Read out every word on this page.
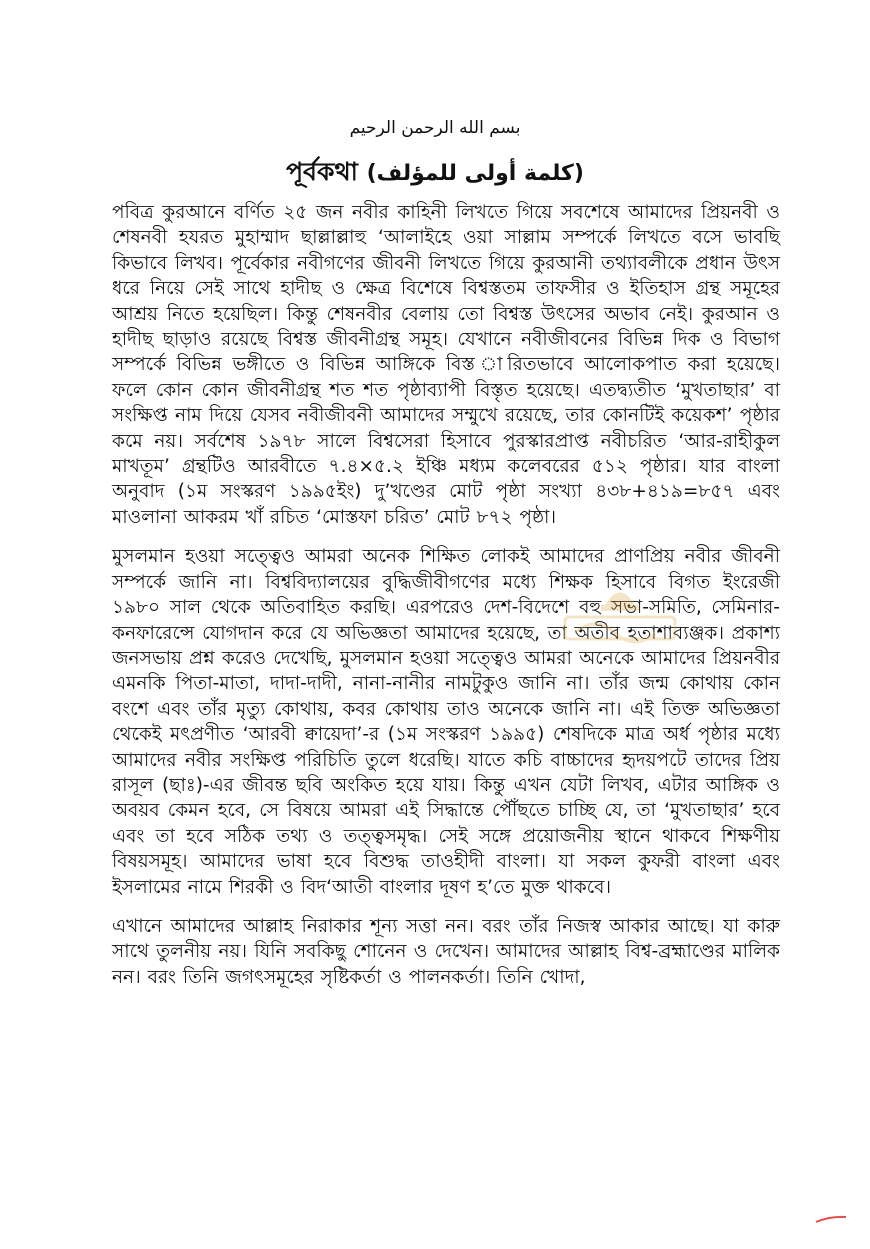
بسم الله الرحمن الرحيم
পূর্বকথা (كلمة أولى للمؤلف)

পবিত্র কুরআনে বর্ণিত ২৫ জন নবীর কাহিনী লিখতে গিয়ে সবশেষে আমাদের প্রিয়নবী ও শেষনবী হযরত মুহাম্মাদ ছাল্লাল্লাহু ‘আলাইহে ওয়া সাল্লাম সম্পর্কে লিখতে বসে ভাবছি কিভাবে লিখব। পূর্বেকার নবীগণের জীবনী লিখতে গিয়ে কুরআনী তথ্যাবলীকে প্রধান উৎস ধরে নিয়ে সেই সাথে হাদীছ ও ক্ষেত্র বিশেষে বিশ্বস্ততম তাফসীর ও ইতিহাস গ্রন্থ সমূহের আশ্রয় নিতে হয়েছিল। কিন্তু শেষনবীর বেলায় তো বিশ্বস্ত উৎসের অভাব নেই। কুরআন ও হাদীছ ছাড়াও রয়েছে বিশ্বস্ত জীবনীগ্রন্থ সমূহ। যেখানে নবীজীবনের বিভিন্ন দিক ও বিভাগ সম্পর্কে বিভিন্ন ভঙ্গীতে ও বিভিন্ন আঙ্গিকে বিস্ত ারিতভাবে আলোকপাত করা হয়েছে। ফলে কোন কোন জীবনীগ্রন্থ শত শত পৃষ্ঠাব্যাপী বিস্তৃত হয়েছে। এতদ্ব্যতীত ‘মুখতাছার’ বা সংক্ষিপ্ত নাম দিয়ে যেসব নবীজীবনী আমাদের সম্মুখে রয়েছে, তার কোনটিই কয়েকশ’ পৃষ্ঠার কমে নয়। সর্বশেষ ১৯৭৮ সালে বিশ্বসেরা হিসাবে পুরস্কারপ্রাপ্ত নবীচরিত ‘আর-রাহীকুল মাখতূম’ গ্রন্থটিও আরবীতে ৭.৪×৫.২ ইঞ্চি মধ্যম কলেবরের ৫১২ পৃষ্ঠার। যার বাংলা অনুবাদ (১ম সংস্করণ ১৯৯৫ইং) দু’খণ্ডের মোট পৃষ্ঠা সংখ্যা ৪৩৮+৪১৯=৮৫৭ এবং মাওলানা আকরম খাঁ রচিত ‘মোস্তফা চরিত’ মোট ৮৭২ পৃষ্ঠা।

মুসলমান হওয়া সত্ত্বেও আমরা অনেক শিক্ষিত লোকই আমাদের প্রাণপ্রিয় নবীর জীবনী সম্পর্কে জানি না। বিশ্ববিদ্যালয়ের বুদ্ধিজীবীগণের মধ্যে শিক্ষক হিসাবে বিগত ইংরেজী ১৯৮০ সাল থেকে অতিবাহিত করছি। এরপরেও দেশ-বিদেশে বহু সভা-সমিতি, সেমিনার-কনফারেন্সে যোগদান করে যে অভিজ্ঞতা আমাদের হয়েছে, তা অতীব হতাশাব্যঞ্জক। প্রকাশ্য জনসভায় প্রশ্ন করেও দেখেছি, মুসলমান হওয়া সত্ত্বেও আমরা অনেকে আমাদের প্রিয়নবীর এমনকি পিতা-মাতা, দাদা-দাদী, নানা-নানীর নামটুকুও জানি না। তাঁর জন্ম কোথায় কোন বংশে এবং তাঁর মৃত্যু কোথায়, কবর কোথায় তাও অনেকে জানি না। এই তিক্ত অভিজ্ঞতা থেকেই মৎপ্রণীত ‘আরবী ক্বায়েদা’-র (১ম সংস্করণ ১৯৯৫) শেষদিকে মাত্র অর্ধ পৃষ্ঠার মধ্যে আমাদের নবীর সংক্ষিপ্ত পরিচিতি তুলে ধরেছি। যাতে কচি বাচ্চাদের হৃদয়পটে তাদের প্রিয় রাসূল (ছাঃ)-এর জীবন্ত ছবি অংকিত হয়ে যায়। কিন্তু এখন যেটা লিখব, এটার আঙ্গিক ও অবয়ব কেমন হবে, সে বিষয়ে আমরা এই সিদ্ধান্তে পৌঁছতে চাচ্ছি যে, তা ‘মুখতাছার’ হবে এবং তা হবে সঠিক তথ্য ও তত্ত্বসমৃদ্ধ। সেই সঙ্গে প্রয়োজনীয় স্থানে থাকবে শিক্ষণীয় বিষয়সমূহ। আমাদের ভাষা হবে বিশুদ্ধ তাওহীদী বাংলা। যা সকল কুফরী বাংলা এবং ইসলামের নামে শিরকী ও বিদ‘আতী বাংলার দূষণ হ’তে মুক্ত থাকবে।

এখানে আমাদের আল্লাহ নিরাকার শূন্য সত্তা নন। বরং তাঁর নিজস্ব আকার আছে। যা কারু সাথে তুলনীয় নয়। যিনি সবকিছু শোনেন ও দেখেন। আমাদের আল্লাহ বিশ্ব-ব্রহ্মাণ্ডের মালিক নন। বরং তিনি জগৎসমূহের সৃষ্টিকর্তা ও পালনকর্তা। তিনি খোদা,
